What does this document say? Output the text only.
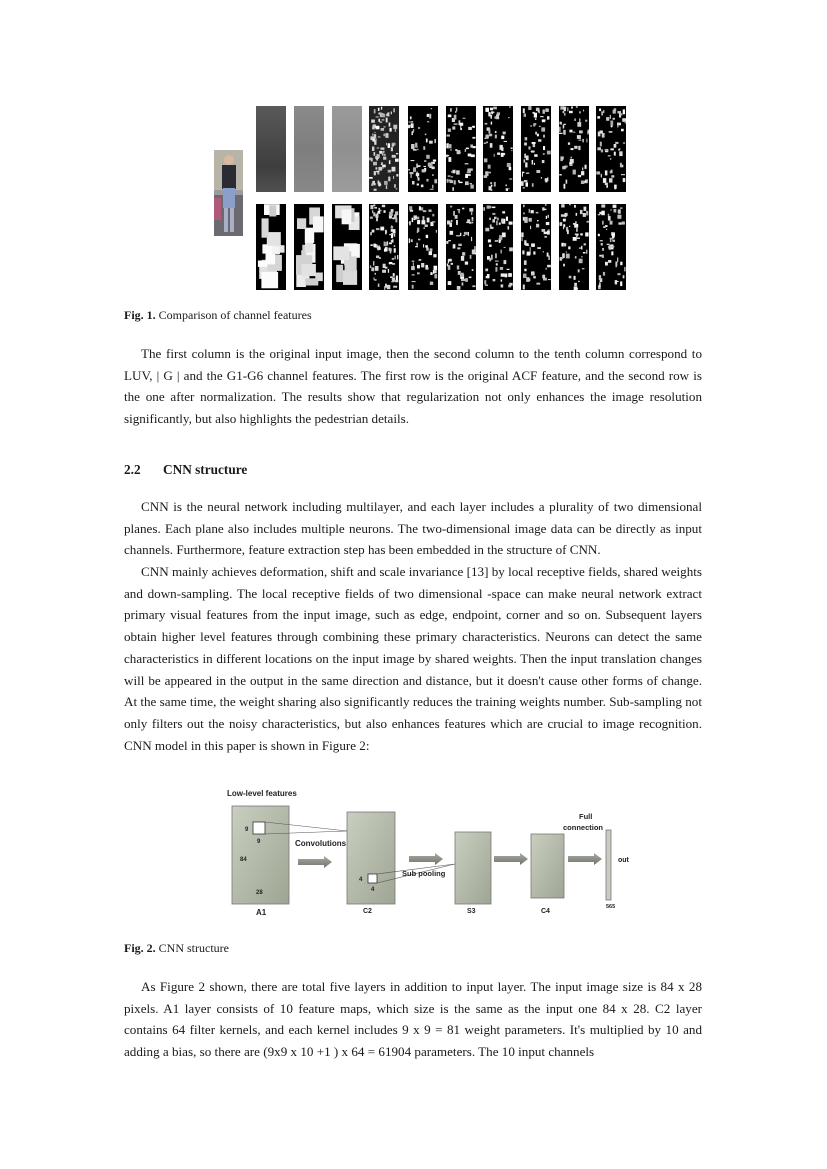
Fig. 1. Comparison of channel features

The first column is the original input image, then the second column to the tenth column correspond to LUV, | G | and the G1-G6 channel features. The first row is the original ACF feature, and the second row is the one after normalization. The results show that regularization not only enhances the image resolution significantly, but also highlights the pedestrian details.

2.2 CNN structure

CNN is the neural network including multilayer, and each layer includes a plurality of two dimensional planes. Each plane also includes multiple neurons. The two-dimensional image data can be directly as input channels. Furthermore, feature extraction step has been embedded in the structure of CNN.

CNN mainly achieves deformation, shift and scale invariance [13] by local receptive fields, shared weights and down-sampling. The local receptive fields of two dimensional -space can make neural network extract primary visual features from the input image, such as edge, endpoint, corner and so on. Subsequent layers obtain higher level features through combining these primary characteristics. Neurons can detect the same characteristics in different locations on the input image by shared weights. Then the input translation changes will be appeared in the output in the same direction and distance, but it doesn't cause other forms of change. At the same time, the weight sharing also significantly reduces the training weights number. Sub-sampling not only filters out the noisy characteristics, but also enhances features which are crucial to image recognition. CNN model in this paper is shown in Figure 2:

Low-level features
9
9
84
28
Convolutions
4
4
Sub pooling
Full
connection
out
565
A1	C2	S3	C4
Fig. 2. CNN structure

As Figure 2 shown, there are total five layers in addition to input layer. The input image size is 84 x 28 pixels. A1 layer consists of 10 feature maps, which size is the same as the input one 84 x 28. C2 layer contains 64 filter kernels, and each kernel includes 9 x 9 = 81 weight parameters. It's multiplied by 10 and adding a bias, so there are (9x9 x 10 +1 ) x 64 = 61904 parameters. The 10 input channels
